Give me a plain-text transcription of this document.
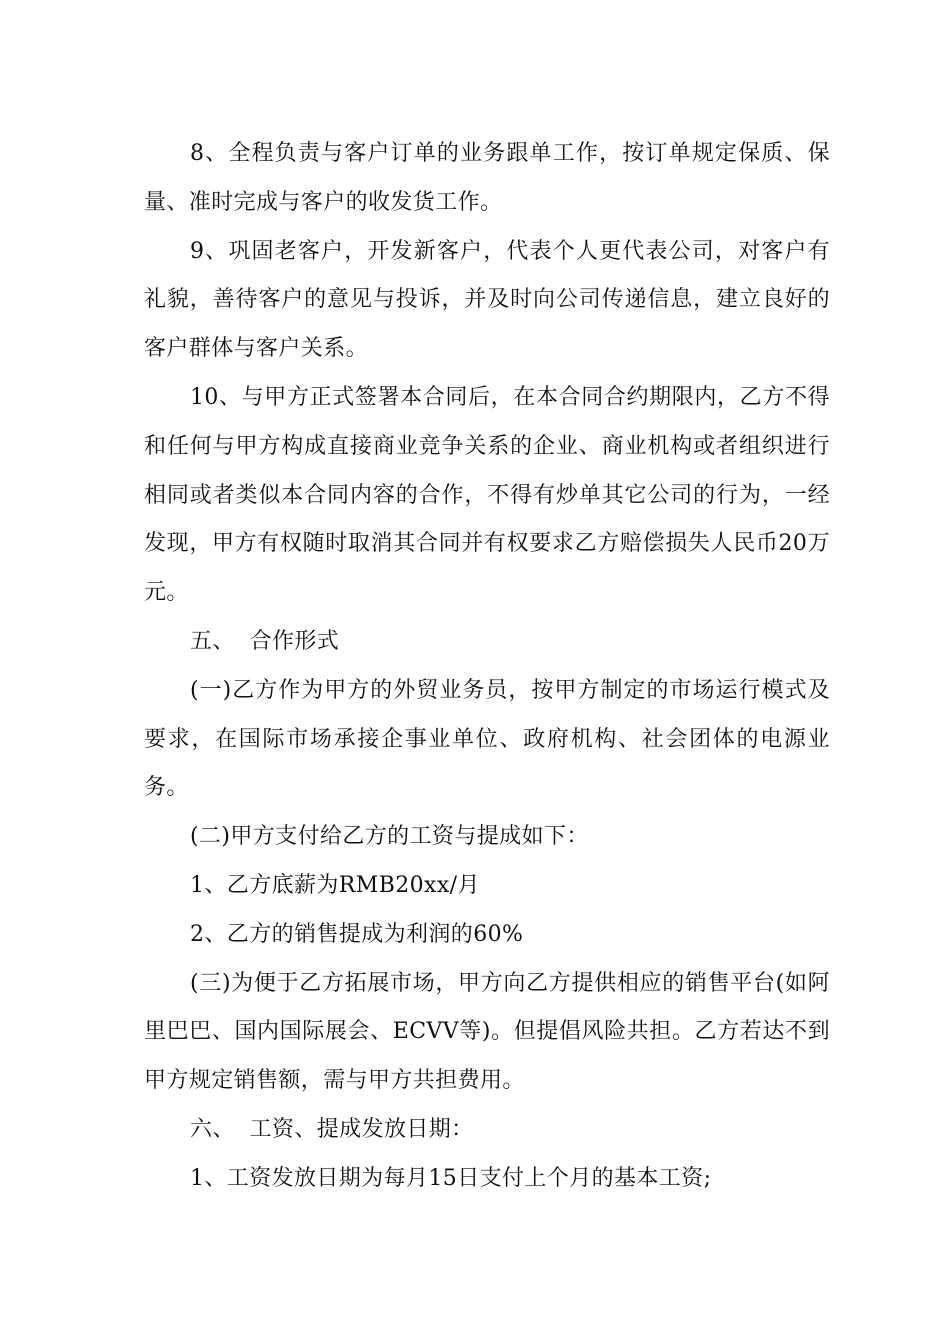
8、全程负责与客户订单的业务跟单工作，按订单规定保质、保量、准时完成与客户的收发货工作。

9、巩固老客户，开发新客户，代表个人更代表公司，对客户有礼貌，善待客户的意见与投诉，并及时向公司传递信息，建立良好的客户群体与客户关系。

10、与甲方正式签署本合同后，在本合同合约期限内，乙方不得和任何与甲方构成直接商业竞争关系的企业、商业机构或者组织进行相同或者类似本合同内容的合作，不得有炒单其它公司的行为，一经发现，甲方有权随时取消其合同并有权要求乙方赔偿损失人民币20万元。

五、  合作形式

(一)乙方作为甲方的外贸业务员，按甲方制定的市场运行模式及要求，在国际市场承接企事业单位、政府机构、社会团体的电源业务。

(二)甲方支付给乙方的工资与提成如下：

1、乙方底薪为RMB20xx/月

2、乙方的销售提成为利润的60%

(三)为便于乙方拓展市场，甲方向乙方提供相应的销售平台(如阿里巴巴、国内国际展会、ECVV等)。但提倡风险共担。乙方若达不到甲方规定销售额，需与甲方共担费用。

六、  工资、提成发放日期：

1、工资发放日期为每月15日支付上个月的基本工资;
